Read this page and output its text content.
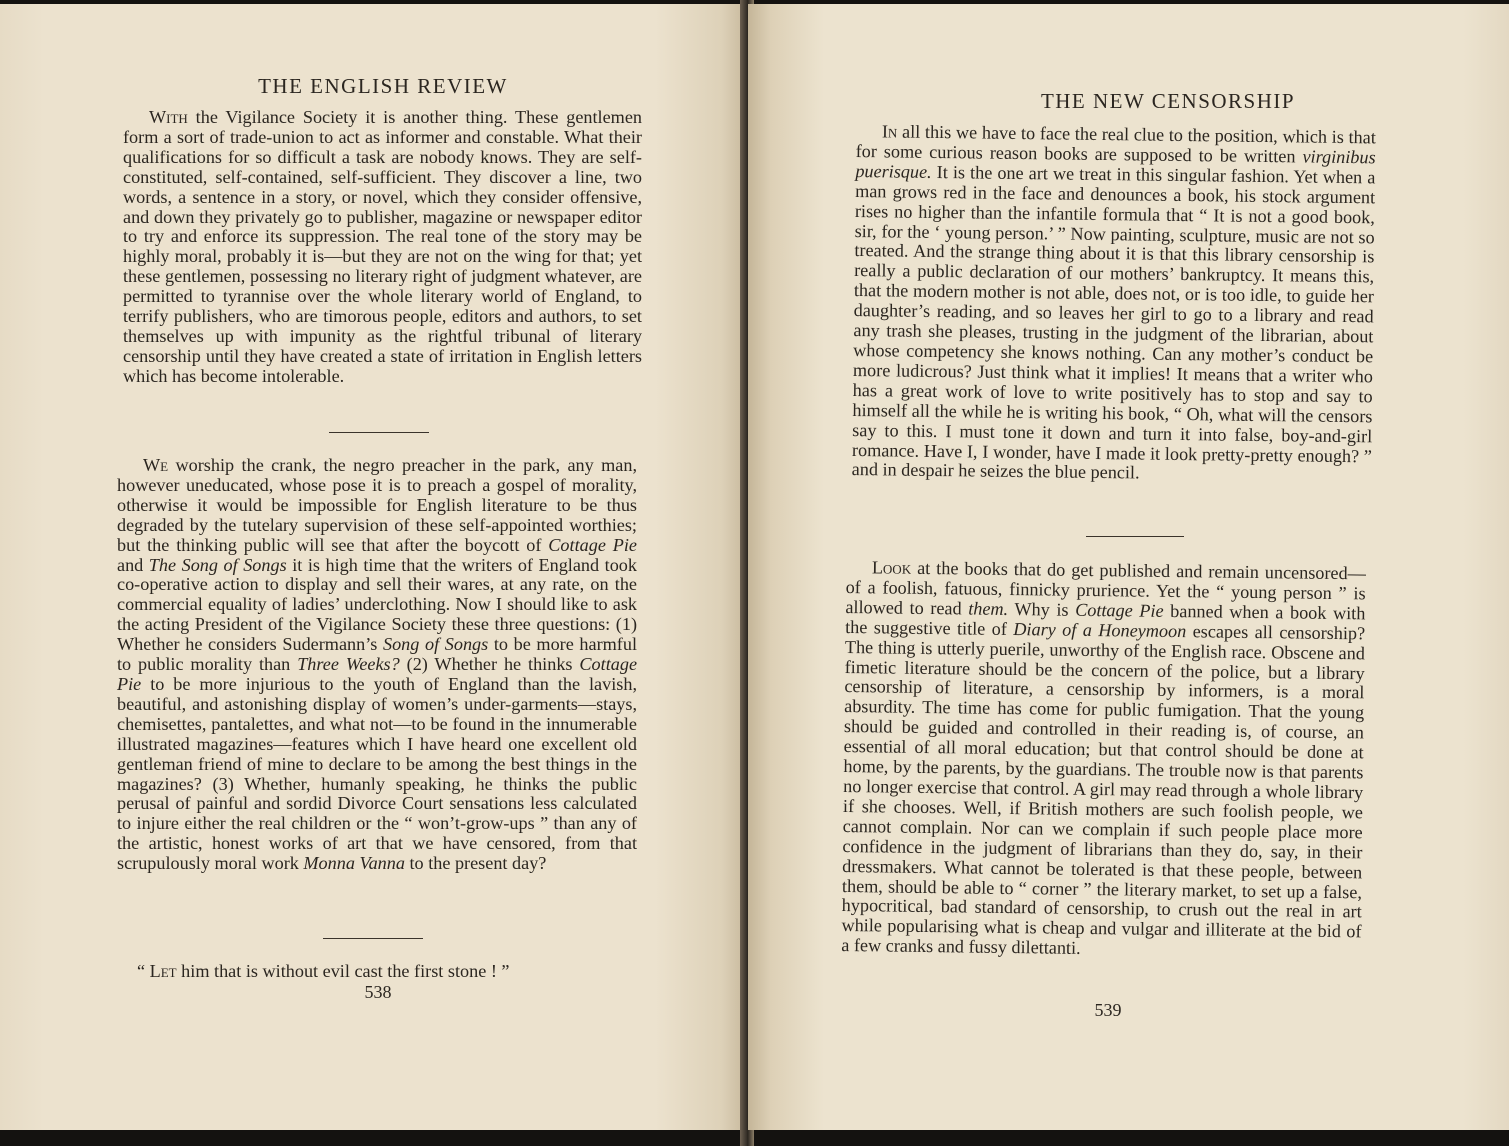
THE ENGLISH REVIEW

With the Vigilance Society it is another thing. These gentlemen form a sort of trade-union to act as informer and constable. What their qualifications for so difficult a task are nobody knows. They are self-constituted, self-contained, self-sufficient. They discover a line, two words, a sentence in a story, or novel, which they consider offensive, and down they privately go to publisher, magazine or newspaper editor to try and enforce its suppression. The real tone of the story may be highly moral, probably it is—but they are not on the wing for that; yet these gentlemen, possessing no literary right of judgment whatever, are permitted to tyrannise over the whole literary world of England, to terrify publishers, who are timorous people, editors and authors, to set themselves up with impunity as the rightful tribunal of literary censorship until they have created a state of irritation in English letters which has become intolerable.

We worship the crank, the negro preacher in the park, any man, however uneducated, whose pose it is to preach a gospel of morality, otherwise it would be impossible for English literature to be thus degraded by the tutelary supervision of these self-appointed worthies; but the thinking public will see that after the boycott of Cottage Pie and The Song of Songs it is high time that the writers of England took co-operative action to display and sell their wares, at any rate, on the commercial equality of ladies’ underclothing. Now I should like to ask the acting President of the Vigilance Society these three questions: (1) Whether he considers Sudermann’s Song of Songs to be more harmful to public morality than Three Weeks? (2) Whether he thinks Cottage Pie to be more injurious to the youth of England than the lavish, beautiful, and astonishing display of women’s under-garments—stays, chemisettes, pantalettes, and what not—to be found in the innumerable illustrated magazines—features which I have heard one excellent old gentleman friend of mine to declare to be among the best things in the magazines? (3) Whether, humanly speaking, he thinks the public perusal of painful and sordid Divorce Court sensations less calculated to injure either the real children or the “ won’t-grow-ups ” than any of the artistic, honest works of art that we have censored, from that scrupulously moral work Monna Vanna to the present day?

“ Let him that is without evil cast the first stone ! ”
538
THE NEW CENSORSHIP

In all this we have to face the real clue to the position, which is that for some curious reason books are supposed to be written virginibus puerisque. It is the one art we treat in this singular fashion. Yet when a man grows red in the face and denounces a book, his stock argument rises no higher than the infantile formula that “ It is not a good book, sir, for the ‘ young person.’ ” Now painting, sculpture, music are not so treated. And the strange thing about it is that this library censorship is really a public declaration of our mothers’ bankruptcy. It means this, that the modern mother is not able, does not, or is too idle, to guide her daughter’s reading, and so leaves her girl to go to a library and read any trash she pleases, trusting in the judgment of the librarian, about whose competency she knows nothing. Can any mother’s conduct be more ludicrous? Just think what it implies! It means that a writer who has a great work of love to write positively has to stop and say to himself all the while he is writing his book, “ Oh, what will the censors say to this. I must tone it down and turn it into false, boy-and-girl romance. Have I, I wonder, have I made it look pretty-pretty enough? ” and in despair he seizes the blue pencil.

Look at the books that do get published and remain uncensored—of a foolish, fatuous, finnicky prurience. Yet the “ young person ” is allowed to read them. Why is Cottage Pie banned when a book with the suggestive title of Diary of a Honeymoon escapes all censorship? The thing is utterly puerile, unworthy of the English race. Obscene and fimetic literature should be the concern of the police, but a library censorship of literature, a censorship by informers, is a moral absurdity. The time has come for public fumigation. That the young should be guided and controlled in their reading is, of course, an essential of all moral education; but that control should be done at home, by the parents, by the guardians. The trouble now is that parents no longer exercise that control. A girl may read through a whole library if she chooses. Well, if British mothers are such foolish people, we cannot complain. Nor can we complain if such people place more confidence in the judgment of librarians than they do, say, in their dressmakers. What cannot be tolerated is that these people, between them, should be able to “ corner ” the literary market, to set up a false, hypocritical, bad standard of censorship, to crush out the real in art while popularising what is cheap and vulgar and illiterate at the bid of a few cranks and fussy dilettanti.

539
